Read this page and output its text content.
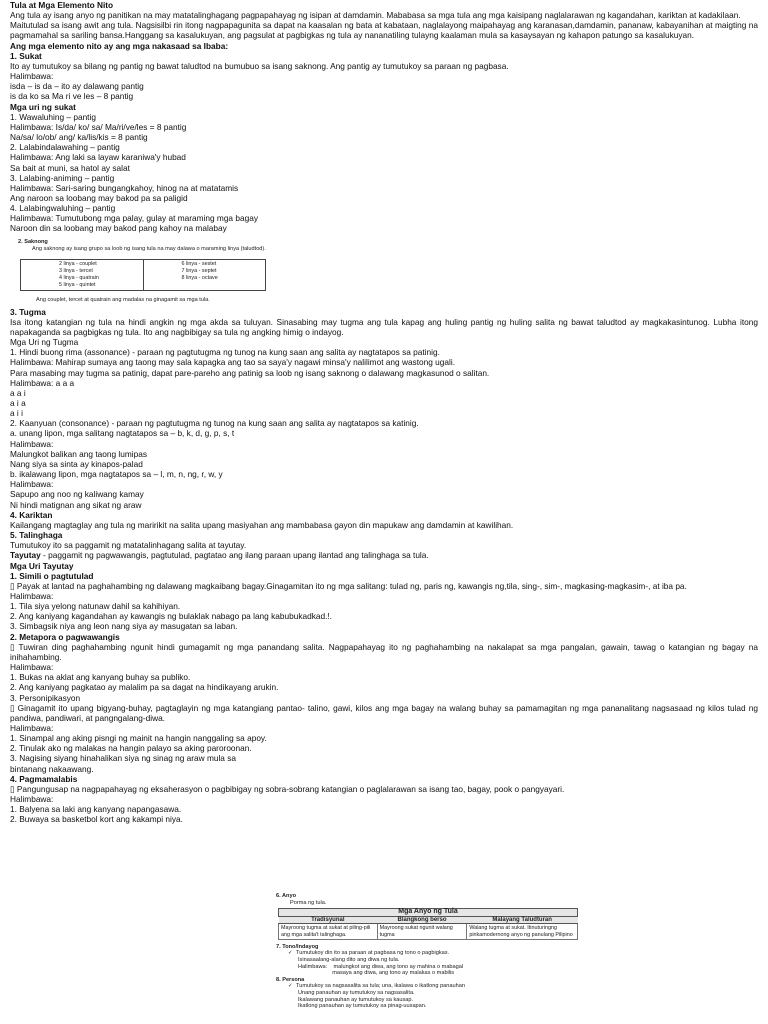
Tula at Mga Elemento Nito

Ang tula ay isang anyo ng panitikan na may matatalinghagang pagpapahayag ng isipan at damdamin. Mababasa sa mga tula ang mga kaisipang naglalarawan ng kagandahan, kariktan at kadakilaan.

Maitutulad sa isang awit ang tula. Nagsisilbi rin itong nagpapagunita sa dapat na kaasalan ng bata at kabataan, naglalayong maipahayag ang karanasan,damdamin, pananaw, kabayanihan at maigting na pagmamahal sa sariling bansa.Hanggang sa kasalukuyan, ang pagsulat at pagbigkas ng tula ay nananatiling tulayng kaalaman mula sa kasaysayan ng kahapon patungo sa kasalukuyan.

Ang mga elemento nito ay ang mga nakasaad sa Ibaba:

1. Sukat

Ito ay tumutukoy sa bilang ng pantig ng bawat taludtod na bumubuo sa isang saknong. Ang pantig ay tumutukoy sa paraan ng pagbasa.

Halimbawa:

isda – is da – ito ay dalawang pantig

is da ko sa Ma ri ve les – 8 pantig

Mga uri ng sukat

1. Wawaluhing – pantig

Halimbawa: Is/da/ ko/ sa/ Ma/ri/ve/les = 8 pantig

Na/sa/ lo/ob/ ang/ ka/lis/kis = 8 pantig

2. Lalabindalawahing – pantig

Halimbawa: Ang laki sa layaw karaniwa'y hubad

Sa bait at muni, sa hatol ay salat

3. Lalabing-animing – pantig

Halimbawa: Sari-saring bungangkahoy, hinog na at matatamis

Ang naroon sa loobang may bakod pa sa paligid

4. Lalabingwaluhing – pantig

Halimbawa: Tumutubong mga palay, gulay at maraming mga bagay

Naroon din sa loobang may bakod pang kahoy na malabay

2. Saknong
Ang saknong ay isang grupo sa loob ng isang tula na may dalawa o maraming linya (taludtod).
2 linya - couplet
3 linya - tercet
4 linya - quatrain
5 linya - quintet

6 linya - sestet
7 linya - septet
8 linya - octave
Ang couplet, tercet at quatrain ang madalas na ginagamit sa mga tula.

3. Tugma

Isa itong katangian ng tula na hindi angkin ng mga akda sa tuluyan. Sinasabing may tugma ang tula kapag ang huling pantig ng huling salita ng bawat taludtod ay magkakasintunog. Lubha itong napakaganda sa pagbigkas ng tula. Ito ang nagbibigay sa tula ng angking himig o indayog.

Mga Uri ng Tugma

1. Hindi buong rima (assonance) - paraan ng pagtutugma ng tunog na kung saan ang salita ay nagtatapos sa patinig.

Halimbawa: Mahirap sumaya ang taong may sala kapagka ang tao sa saya'y nagawi minsa'y nalilimot ang wastong ugali.

Para masabing may tugma sa patinig, dapat pare-pareho ang patinig sa loob ng isang saknong o dalawang magkasunod o salitan.

Halimbawa: a a a

a a i

a i a

a i i

2. Kaanyuan (consonance) - paraan ng pagtutugma ng tunog na kung saan ang salita ay nagtatapos sa katinig.

a. unang lipon, mga salitang nagtatapos sa – b, k, d, g, p, s, t

Halimbawa:

Malungkot balikan ang taong lumipas

Nang siya sa sinta ay kinapos-palad

b. ikalawang lipon, mga nagtatapos sa – l, m, n, ng, r, w, y

Halimbawa:

Sapupo ang noo ng kaliwang kamay

Ni hindi matignan ang sikat ng araw

4. Kariktan

Kailangang magtaglay ang tula ng maririkit na salita upang masiyahan ang mambabasa gayon din mapukaw ang damdamin at kawilihan.

5. Talinghaga

Tumutukoy ito sa paggamit ng matatalinhagang salita at tayutay.

Tayutay - paggamit ng pagwawangis, pagtutulad, pagtatao ang ilang paraan upang ilantad ang talinghaga sa tula.

Mga Uri Tayutay

1. Simili o pagtutulad

▯ Payak at lantad na paghahambing ng dalawang magkaibang bagay.Ginagamitan ito ng mga salitang: tulad ng, paris ng, kawangis ng,tila, sing-, sim-, magkasing-magkasim-, at iba pa.

Halimbawa:

1. Tila siya yelong natunaw dahil sa kahihiyan.

2. Ang kaniyang kagandahan ay kawangis ng bulaklak nabago pa lang kabubukadkad.!.

3. Simbagsik niya ang leon nang siya ay masugatan sa laban.

2. Metapora o pagwawangis

▯ Tuwiran ding paghahambing ngunit hindi gumagamit ng mga panandang salita. Nagpapahayag ito ng paghahambing na nakalapat sa mga pangalan, gawain, tawag o katangian ng bagay na inihahambing.

Halimbawa:

1. Bukas na aklat ang kanyang buhay sa publiko.

2. Ang kaniyang pagkatao ay malalim pa sa dagat na hindikayang arukin.

3. Personipikasyon

▯ Ginagamit ito upang bigyang-buhay, pagtaglayin ng mga katangiang pantao- talino, gawi, kilos ang mga bagay na walang buhay sa pamamagitan ng mga pananalitang nagsasaad ng kilos tulad ng pandiwa, pandiwari, at pangngalang-diwa.

Halimbawa:

1. Sinampal ang aking pisngi ng mainit na hangin nanggaling sa apoy.

2. Tinulak ako ng malakas na hangin palayo sa aking paroroonan.

3. Nagising siyang hinahalikan siya ng sinag ng araw mula sa bintanang nakaawang.

4. Pagmamalabis

▯ Pangungusap na nagpapahayag ng eksaherasyon o pagbibigay ng sobra-sobrang katangian o paglalarawan sa isang tao, bagay, pook o pangyayari.

Halimbawa:

1. Balyena sa laki ang kanyang napangasawa.

2. Buwaya sa basketbol kort ang kakampi niya.

6. Anyo
Porma ng tula.
Mga Anyo ng Tula		
Tradisyunal	Blangkong berso	Malayang Taludturan
Mayroong tugma at sukat at piling-pili ang mga salita't talinghaga.	Mayroong sukat ngunit walang tugma	Walang tugma at sukat. Itinuturingng pinkamodernong anyo ng panulang Pilipino
7. Tono/Indayog
✓ Tumutukoy din ito sa paraan at pagbasa ng tono o pagbigkas.
Isinasaalang-alang dito ang diwa ng tula.
Halimbawa:    malungkot ang diwa, ang tono ay mahina o mabagal
masaya ang diwa, ang tono ay malakas o mabilis
8. Persona
✓ Tumutukoy sa nagsasalita sa tula; una, ikalawa o ikatlong panauhan
Unang panauhan ay tumutukoy sa nagsasalita.
Ikalawang panauhan ay tumutukoy sa kausap.
Ikatlong panauhan ay tumutukoy sa pinag-uusapan.
